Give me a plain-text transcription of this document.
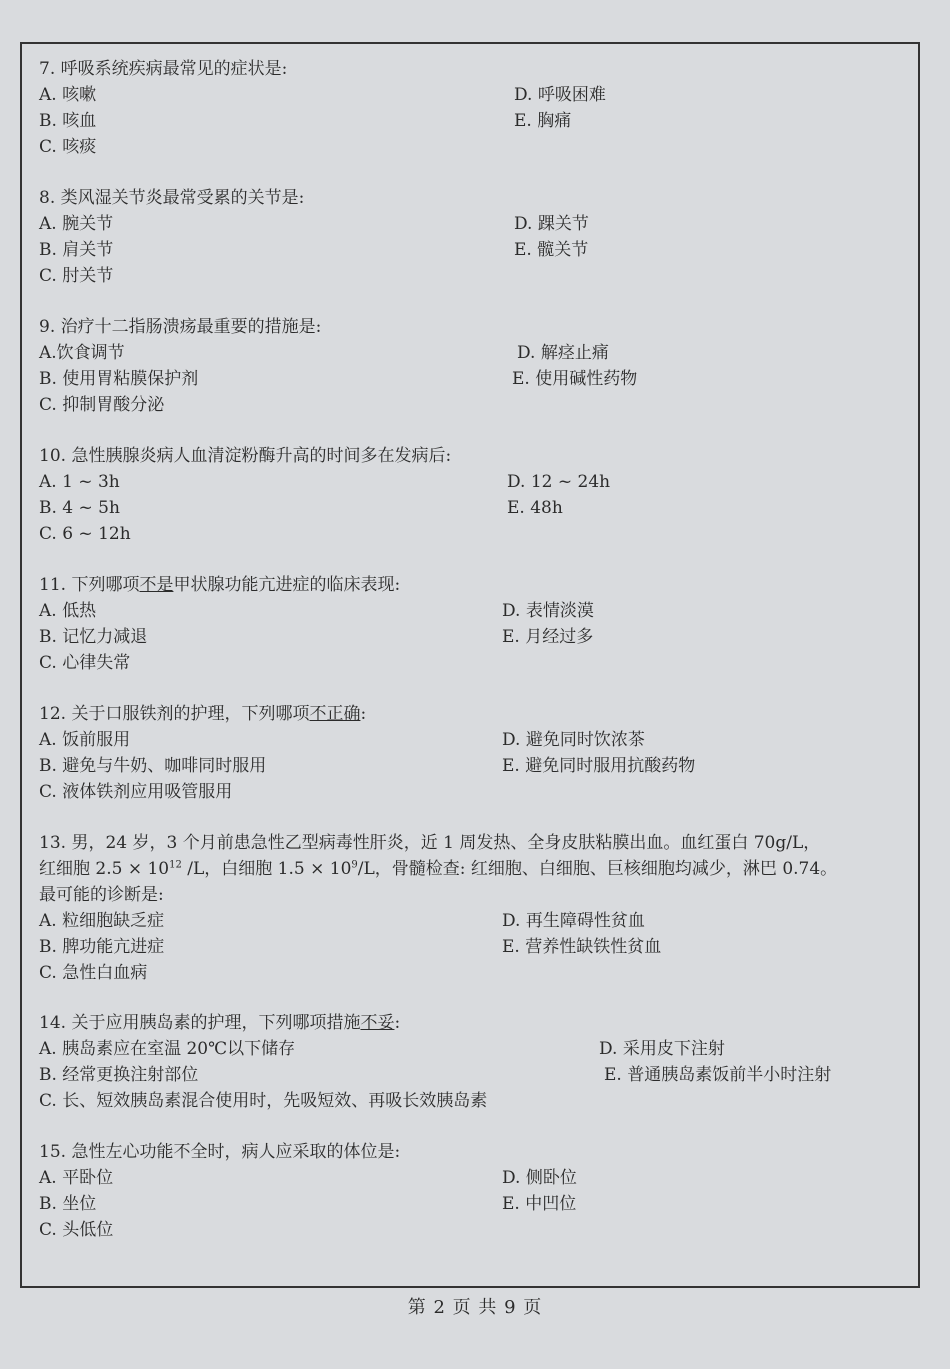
7. 呼吸系统疾病最常见的症状是:
A. 咳嗽
B. 咳血
C. 咳痰
D. 呼吸困难
E. 胸痛
8. 类风湿关节炎最常受累的关节是:
A. 腕关节
B. 肩关节
C. 肘关节
D. 踝关节
E. 髋关节
9. 治疗十二指肠溃疡最重要的措施是:
A.饮食调节
B. 使用胃粘膜保护剂
C. 抑制胃酸分泌
D. 解痉止痛
E. 使用碱性药物
10. 急性胰腺炎病人血清淀粉酶升高的时间多在发病后:
A. 1 ~ 3h
B. 4 ~ 5h
C. 6 ~ 12h
D. 12 ~ 24h
E. 48h
11. 下列哪项不是甲状腺功能亢进症的临床表现:
A. 低热
B. 记忆力减退
C. 心律失常
D. 表情淡漠
E. 月经过多
12. 关于口服铁剂的护理，下列哪项不正确:
A. 饭前服用
B. 避免与牛奶、咖啡同时服用
C. 液体铁剂应用吸管服用
D. 避免同时饮浓茶
E. 避免同时服用抗酸药物
13. 男，24 岁，3 个月前患急性乙型病毒性肝炎，近 1 周发热、全身皮肤粘膜出血。血红蛋白 70g/L，
红细胞 $2.5 \times 10^{12}$ /L，白细胞 $1.5 \times 10^9/L$，骨髓检查: 红细胞、白细胞、巨核细胞均减少，淋巴 0.74。
最可能的诊断是:
A. 粒细胞缺乏症
B. 脾功能亢进症
C. 急性白血病
D. 再生障碍性贫血
E. 营养性缺铁性贫血
14. 关于应用胰岛素的护理，下列哪项措施不妥:
A. 胰岛素应在室温 20℃以下储存
B. 经常更换注射部位
C. 长、短效胰岛素混合使用时，先吸短效、再吸长效胰岛素
D. 采用皮下注射
E. 普通胰岛素饭前半小时注射
15. 急性左心功能不全时，病人应采取的体位是:
A. 平卧位
B. 坐位
C. 头低位
D. 侧卧位
E. 中凹位
第 2 页 共 9 页
